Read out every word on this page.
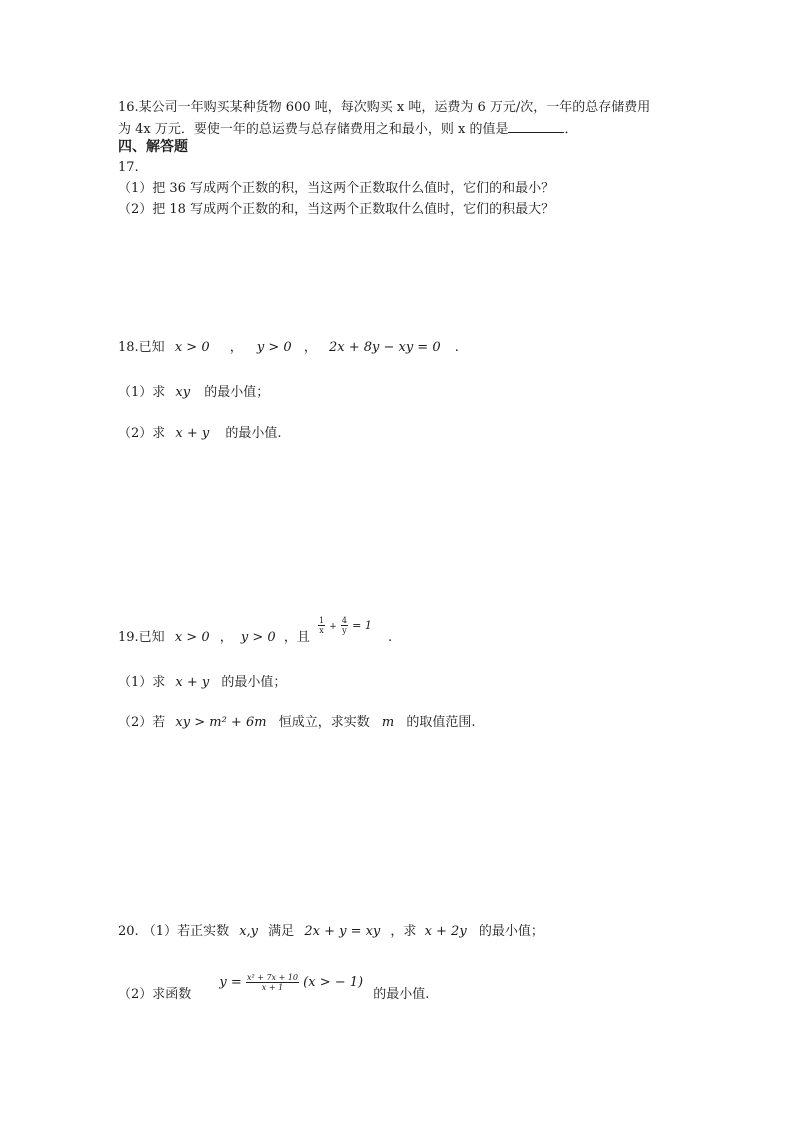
16.某公司一年购买某种货物 600 吨，每次购买 x 吨，运费为 6 万元/次，一年的总存储费用
为 4x 万元．要使一年的总运费与总存储费用之和最小，则 x 的值是	．
四、解答题
17.
（1）把 36 写成两个正数的积，当这两个正数取什么值时，它们的和最小？
（2）把 18 写成两个正数的和，当这两个正数取什么值时，它们的积最大？
18.已知 x > 0 ， y > 0 ， 2x + 8y − xy = 0 .
（1）求 xy 的最小值；
（2）求 x + y 的最小值.
19.已知 x > 0 ， y > 0 ，且
$\frac{1}{x} + \frac{4}{y} = 1$ .
（1）求 x + y 的最小值；
（2）若 xy > m² + 6m 恒成立，求实数 m 的取值范围.
20. （1）若正实数 x,y 满足 2x + y = xy ，求 x + 2y 的最小值；
（2）求函数 $y = \frac{\text{x² + 7x + 10}}{x + 1} (x$ > − 1) 的最小值.
